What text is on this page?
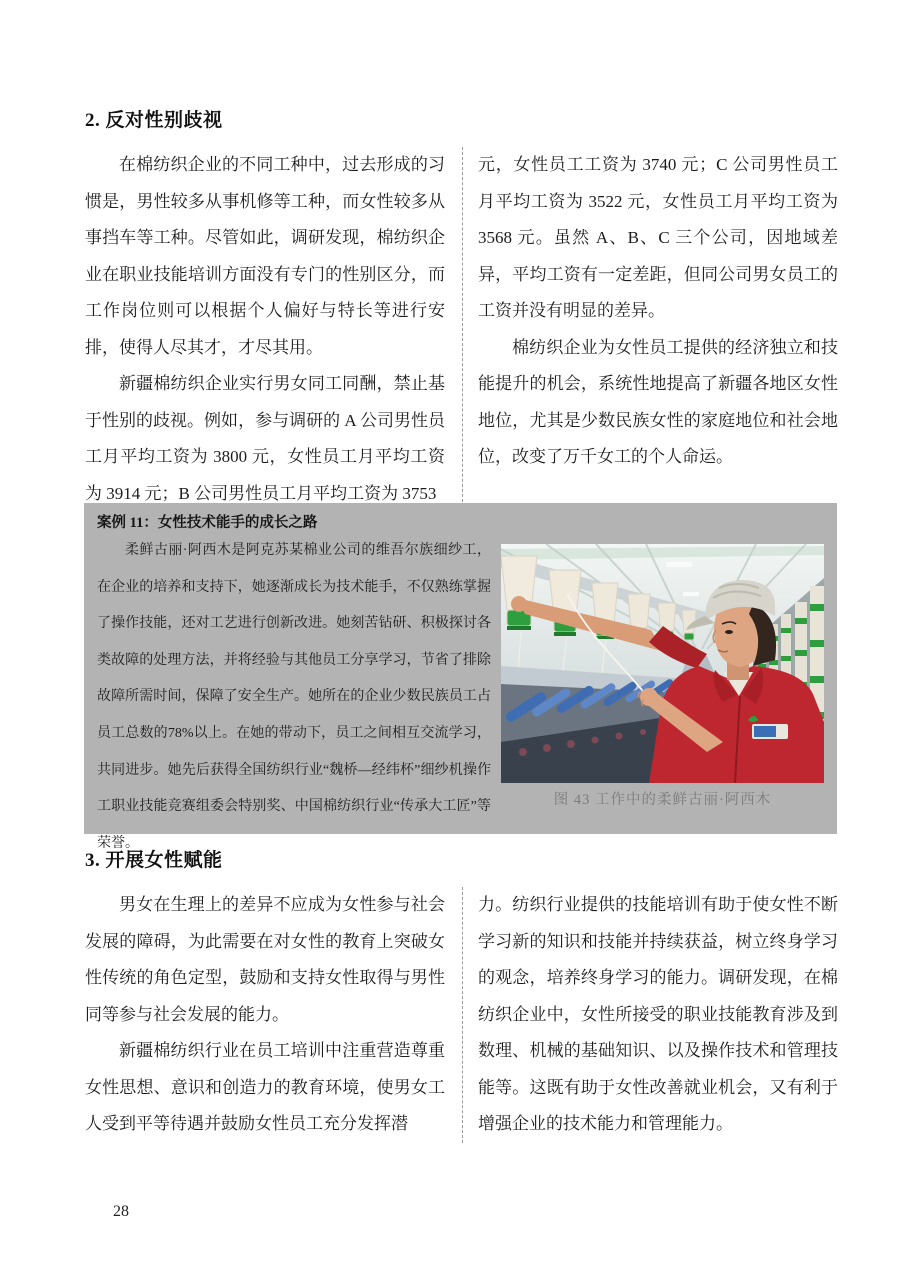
2. 反对性别歧视

在棉纺织企业的不同工种中，过去形成的习惯是，男性较多从事机修等工种，而女性较多从事挡车等工种。尽管如此，调研发现，棉纺织企业在职业技能培训方面没有专门的性别区分，而工作岗位则可以根据个人偏好与特长等进行安排，使得人尽其才，才尽其用。

新疆棉纺织企业实行男女同工同酬，禁止基于性别的歧视。例如，参与调研的 A 公司男性员工月平均工资为 3800 元，女性员工月平均工资为 3914 元；B 公司男性员工月平均工资为 3753

元，女性员工工资为 3740 元；C 公司男性员工月平均工资为 3522 元，女性员工月平均工资为 3568 元。虽然 A、B、C 三个公司，因地域差异，平均工资有一定差距，但同公司男女员工的工资并没有明显的差异。

棉纺织企业为女性员工提供的经济独立和技能提升的机会，系统性地提高了新疆各地区女性地位，尤其是少数民族女性的家庭地位和社会地位，改变了万千女工的个人命运。

案例 11：女性技术能手的成长之路
柔鲜古丽·阿西木是阿克苏某棉业公司的维吾尔族细纱工，在企业的培养和支持下，她逐渐成长为技术能手，不仅熟练掌握了操作技能，还对工艺进行创新改进。她刻苦钻研、积极探讨各类故障的处理方法，并将经验与其他员工分享学习，节省了排除故障所需时间，保障了安全生产。她所在的企业少数民族员工占员工总数的78%以上。在她的带动下，员工之间相互交流学习，共同进步。她先后获得全国纺织行业“魏桥—经纬杯”细纱机操作工职业技能竞赛组委会特别奖、中国棉纺织行业“传承大工匠”等荣誉。
图 43 工作中的柔鲜古丽·阿西木
3. 开展女性赋能

男女在生理上的差异不应成为女性参与社会发展的障碍，为此需要在对女性的教育上突破女性传统的角色定型，鼓励和支持女性取得与男性同等参与社会发展的能力。

新疆棉纺织行业在员工培训中注重营造尊重女性思想、意识和创造力的教育环境，使男女工人受到平等待遇并鼓励女性员工充分发挥潜

力。纺织行业提供的技能培训有助于使女性不断学习新的知识和技能并持续获益，树立终身学习的观念，培养终身学习的能力。调研发现，在棉纺织企业中，女性所接受的职业技能教育涉及到数理、机械的基础知识、以及操作技术和管理技能等。这既有助于女性改善就业机会，又有利于增强企业的技术能力和管理能力。

28
